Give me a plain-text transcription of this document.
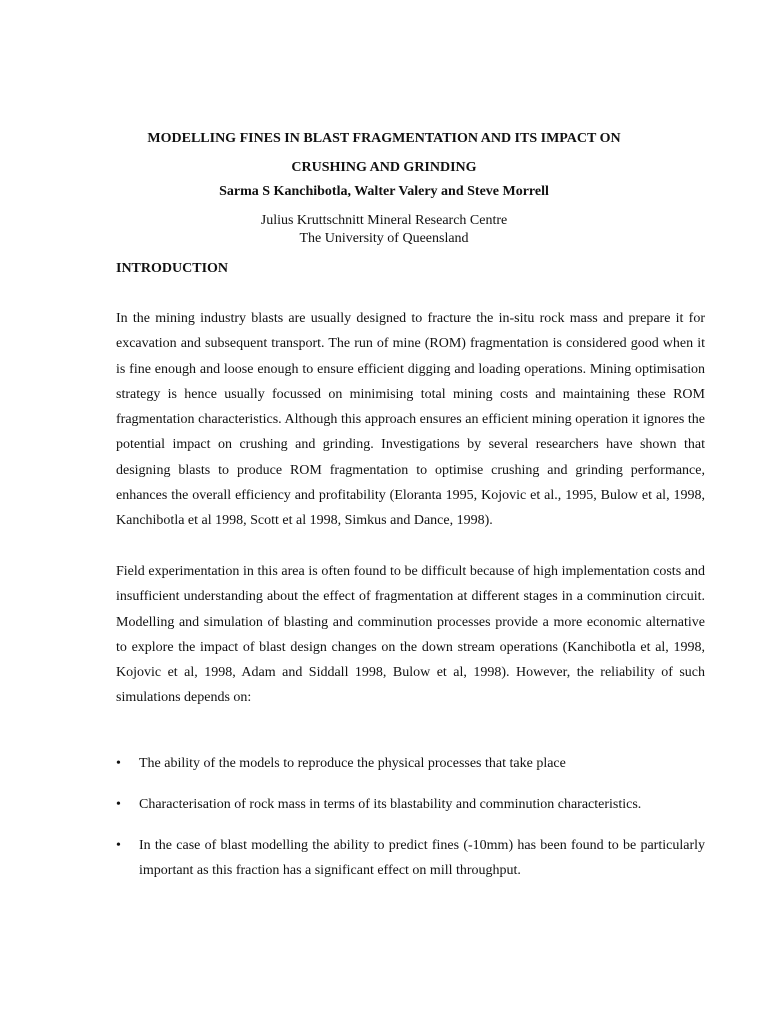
MODELLING FINES IN BLAST FRAGMENTATION AND ITS IMPACT ON
CRUSHING AND GRINDING

Sarma S Kanchibotla, Walter Valery and Steve Morrell

Julius Kruttschnitt Mineral Research Centre
The University of Queensland

INTRODUCTION

In the mining industry blasts are usually designed to fracture the in-situ rock mass and prepare it for excavation and subsequent transport. The run of mine (ROM) fragmentation is considered good when it is fine enough and loose enough to ensure efficient digging and loading operations. Mining optimisation strategy is hence usually focussed on minimising total mining costs and maintaining these ROM fragmentation characteristics. Although this approach ensures an efficient mining operation it ignores the potential impact on crushing and grinding. Investigations by several researchers have shown that designing blasts to produce ROM fragmentation to optimise crushing and grinding performance, enhances the overall efficiency and profitability (Eloranta 1995, Kojovic et al., 1995, Bulow et al, 1998, Kanchibotla et al 1998, Scott et al 1998, Simkus and Dance, 1998).

Field experimentation in this area is often found to be difficult because of high implementation costs and insufficient understanding about the effect of fragmentation at different stages in a comminution circuit. Modelling and simulation of blasting and comminution processes provide a more economic alternative to explore the impact of blast design changes on the down stream operations (Kanchibotla et al, 1998, Kojovic et al, 1998, Adam and Siddall 1998, Bulow et al, 1998). However, the reliability of such simulations depends on:

•	The ability of the models to reproduce the physical processes that take place
•	Characterisation of rock mass in terms of its blastability and comminution characteristics.
•	In the case of blast modelling the ability to predict fines (-10mm) has been found to be particularly important as this fraction has a significant effect on mill throughput.
